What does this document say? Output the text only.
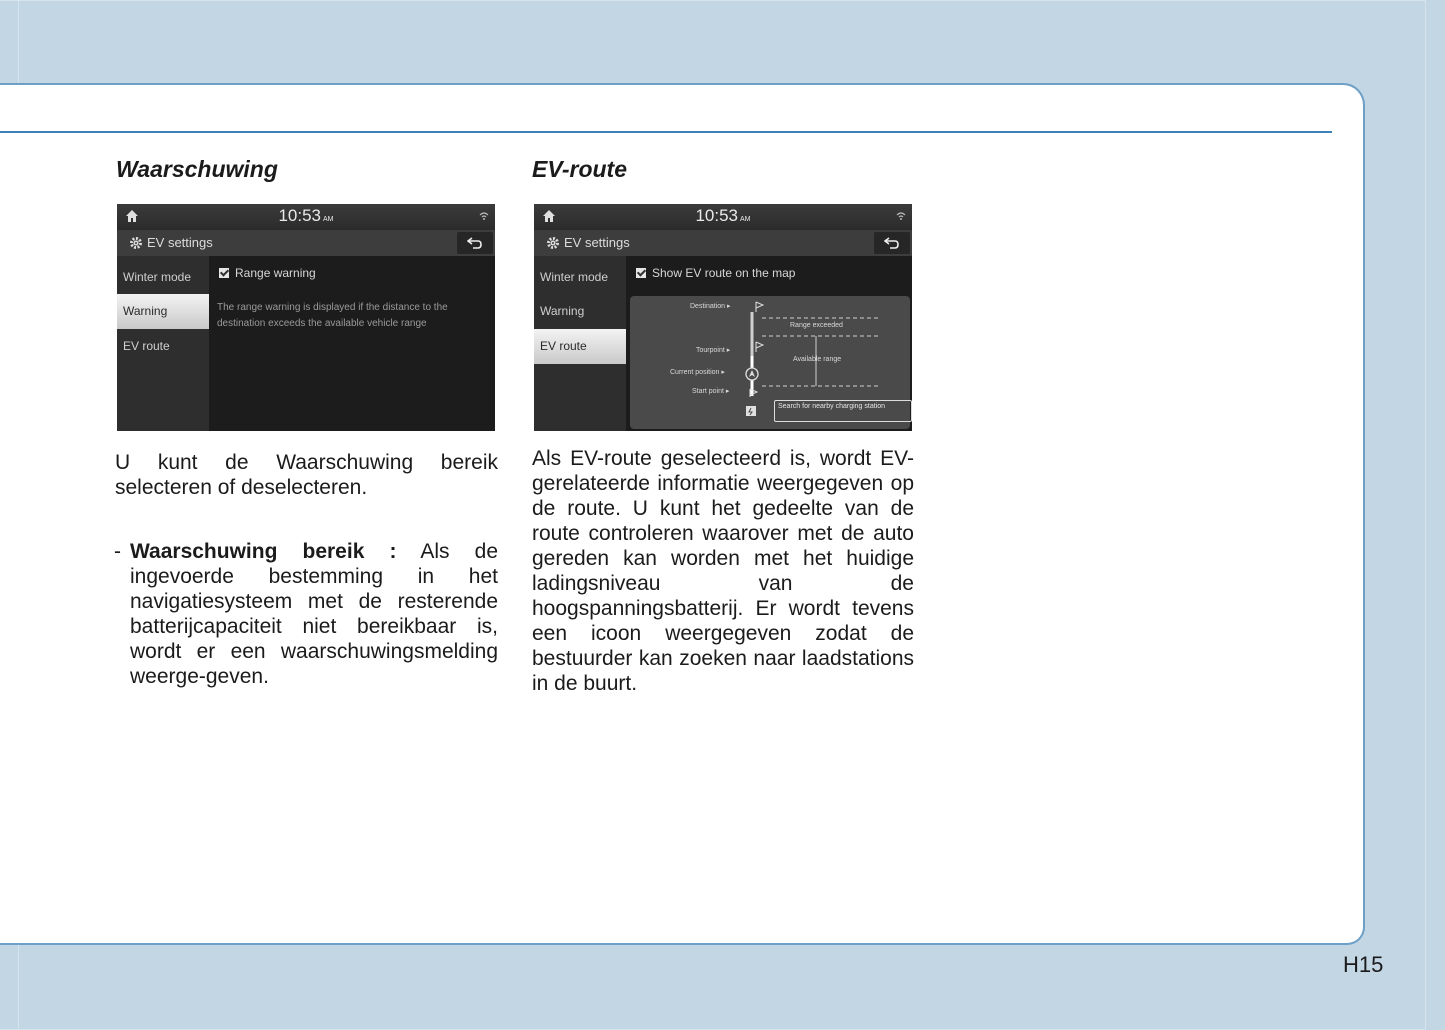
Waarschuwing
10:53 AM
EV settings
Winter mode
Warning
EV route
Range warning
The range warning is displayed if the distance to the destination exceeds the available vehicle range

U kunt de Waarschuwing bereik selecteren of deselecteren.

- Waarschuwing bereik : Als de ingevoerde bestemming in het navigatiesysteem met de resterende batterijcapaciteit niet bereikbaar is, wordt er een waarschuwingsmelding weerge-geven.

EV-route
10:53 AM
EV settings
Winter mode
Warning
EV route
Show EV route on the map
Destination ▸
Tourpoint ▸
Current position ▸
Start point ▸
Range exceeded
Available range
Search for nearby charging station

Als EV-route geselecteerd is, wordt EV-gerelateerde informatie weergegeven op de route. U kunt het gedeelte van de route controleren waarover met de auto gereden kan worden met het huidige ladingsniveau van de hoogspanningsbatterij. Er wordt tevens een icoon weergegeven zodat de bestuurder kan zoeken naar laadstations in de buurt.

H15
